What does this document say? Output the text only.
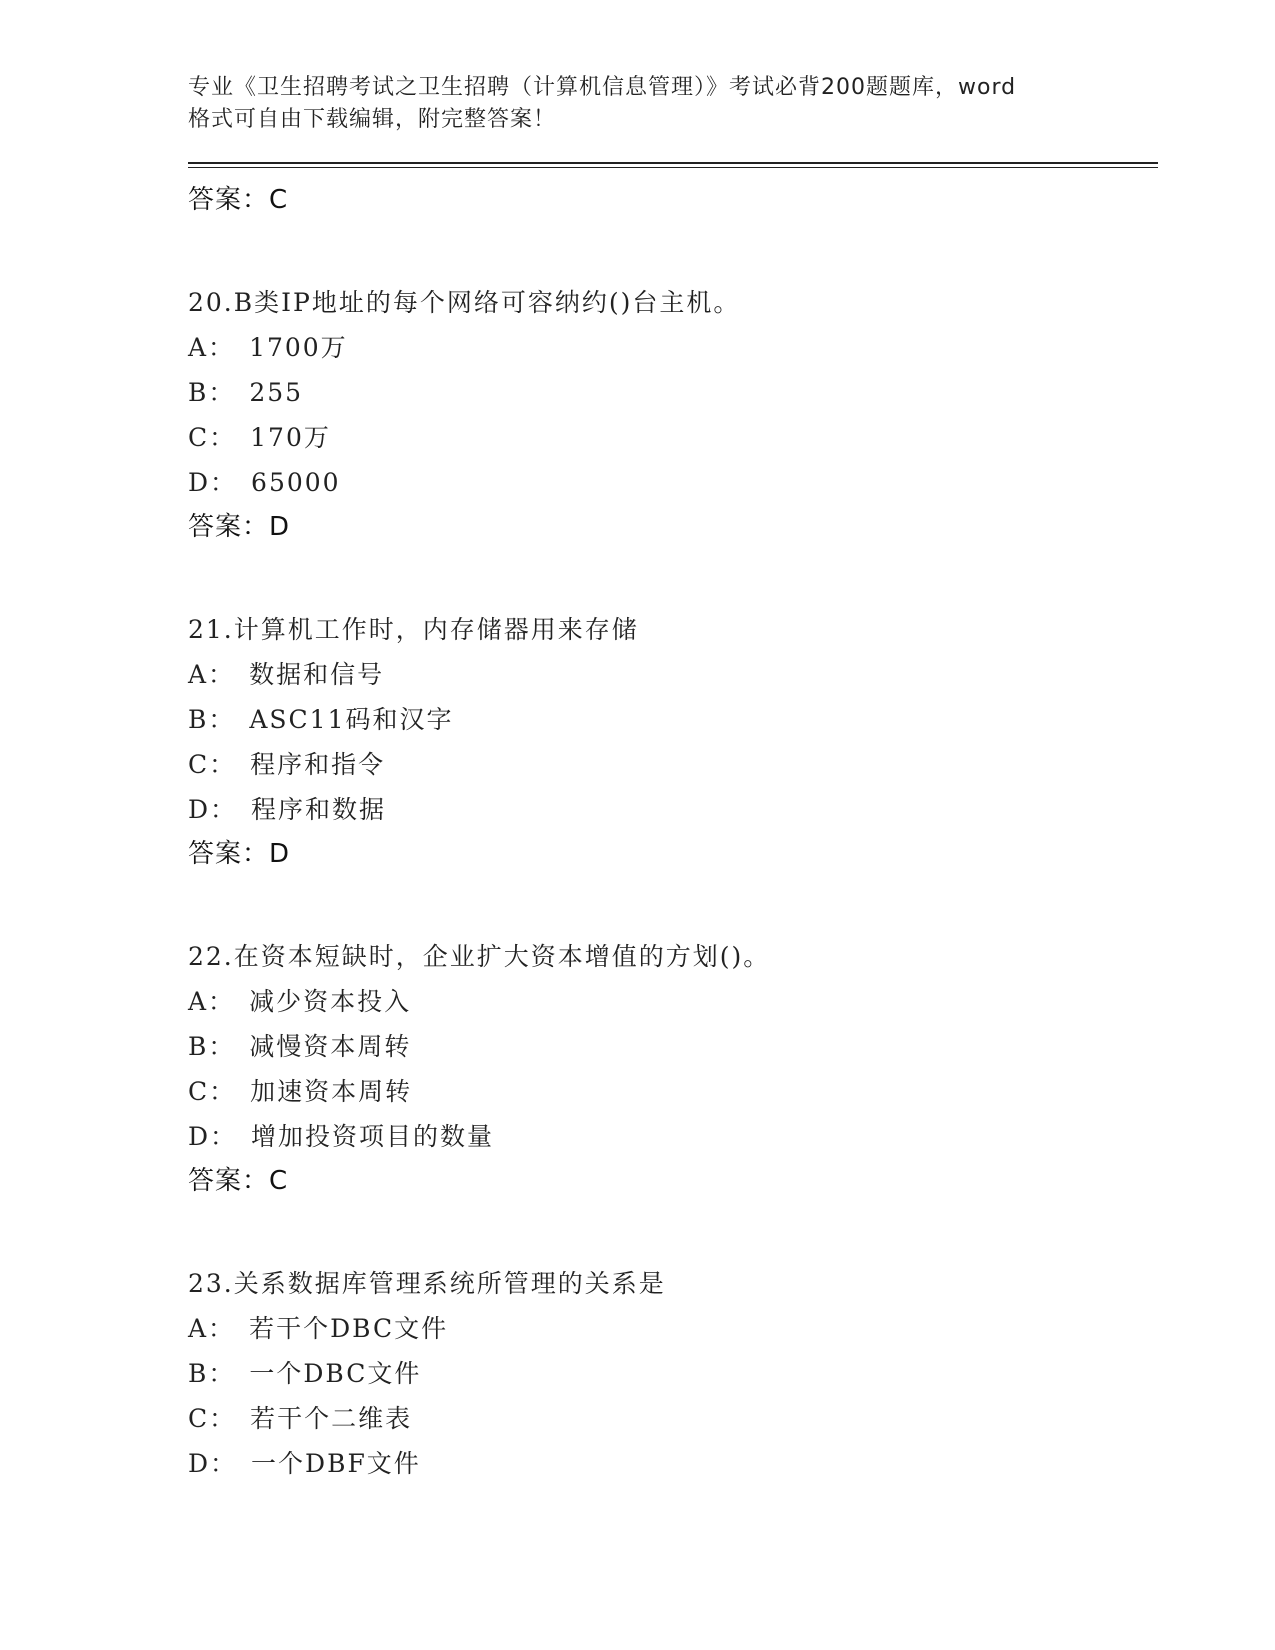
专业《卫生招聘考试之卫生招聘（计算机信息管理）》考试必背200题题库，word

格式可自由下载编辑，附完整答案！

答案：C
20.B类IP地址的每个网络可容纳约()台主机。
A： 1700万
B： 255
C： 170万
D： 65000
答案：D
21.计算机工作时，内存储器用来存储
A： 数据和信号
B： ASC11码和汉字
C： 程序和指令
D： 程序和数据
答案：D
22.在资本短缺时，企业扩大资本增值的方划()。
A： 减少资本投入
B： 减慢资本周转
C： 加速资本周转
D： 增加投资项目的数量
答案：C
23.关系数据库管理系统所管理的关系是
A： 若干个DBC文件
B： 一个DBC文件
C： 若干个二维表
D： 一个DBF文件
